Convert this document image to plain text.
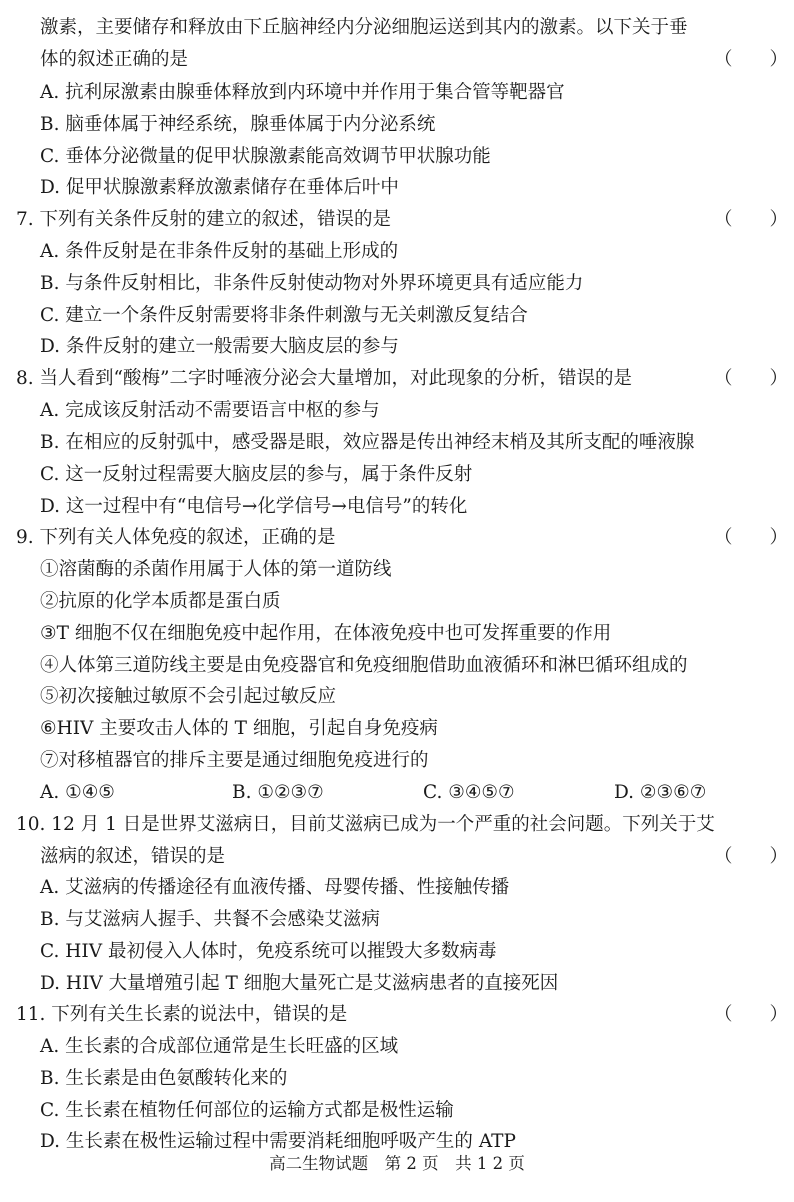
激素，主要储存和释放由下丘脑神经内分泌细胞运送到其内的激素。以下关于垂
体的叙述正确的是	（　　）
A. 抗利尿激素由腺垂体释放到内环境中并作用于集合管等靶器官
B. 脑垂体属于神经系统，腺垂体属于内分泌系统
C. 垂体分泌微量的促甲状腺激素能高效调节甲状腺功能
D. 促甲状腺激素释放激素储存在垂体后叶中
7. 下列有关条件反射的建立的叙述，错误的是	（　　）
A. 条件反射是在非条件反射的基础上形成的
B. 与条件反射相比，非条件反射使动物对外界环境更具有适应能力
C. 建立一个条件反射需要将非条件刺激与无关刺激反复结合
D. 条件反射的建立一般需要大脑皮层的参与
8. 当人看到“酸梅”二字时唾液分泌会大量增加，对此现象的分析，错误的是	（　　）
A. 完成该反射活动不需要语言中枢的参与
B. 在相应的反射弧中，感受器是眼，效应器是传出神经末梢及其所支配的唾液腺
C. 这一反射过程需要大脑皮层的参与，属于条件反射
D. 这一过程中有“电信号→化学信号→电信号”的转化
9. 下列有关人体免疫的叙述，正确的是	（　　）
①溶菌酶的杀菌作用属于人体的第一道防线
②抗原的化学本质都是蛋白质
③T 细胞不仅在细胞免疫中起作用，在体液免疫中也可发挥重要的作用
④人体第三道防线主要是由免疫器官和免疫细胞借助血液循环和淋巴循环组成的
⑤初次接触过敏原不会引起过敏反应
⑥HIV 主要攻击人体的 T 细胞，引起自身免疫病
⑦对移植器官的排斥主要是通过细胞免疫进行的
A. ①④⑤	B. ①②③⑦	C. ③④⑤⑦	D. ②③⑥⑦
10. 12 月 1 日是世界艾滋病日，目前艾滋病已成为一个严重的社会问题。下列关于艾
滋病的叙述，错误的是	（　　）
A. 艾滋病的传播途径有血液传播、母婴传播、性接触传播
B. 与艾滋病人握手、共餐不会感染艾滋病
C. HIV 最初侵入人体时，免疫系统可以摧毁大多数病毒
D. HIV 大量增殖引起 T 细胞大量死亡是艾滋病患者的直接死因
11. 下列有关生长素的说法中，错误的是	（　　）
A. 生长素的合成部位通常是生长旺盛的区域
B. 生长素是由色氨酸转化来的
C. 生长素在植物任何部位的运输方式都是极性运输
D. 生长素在极性运输过程中需要消耗细胞呼吸产生的 ATP
高二生物试题　第 2 页　共 1 2 页
